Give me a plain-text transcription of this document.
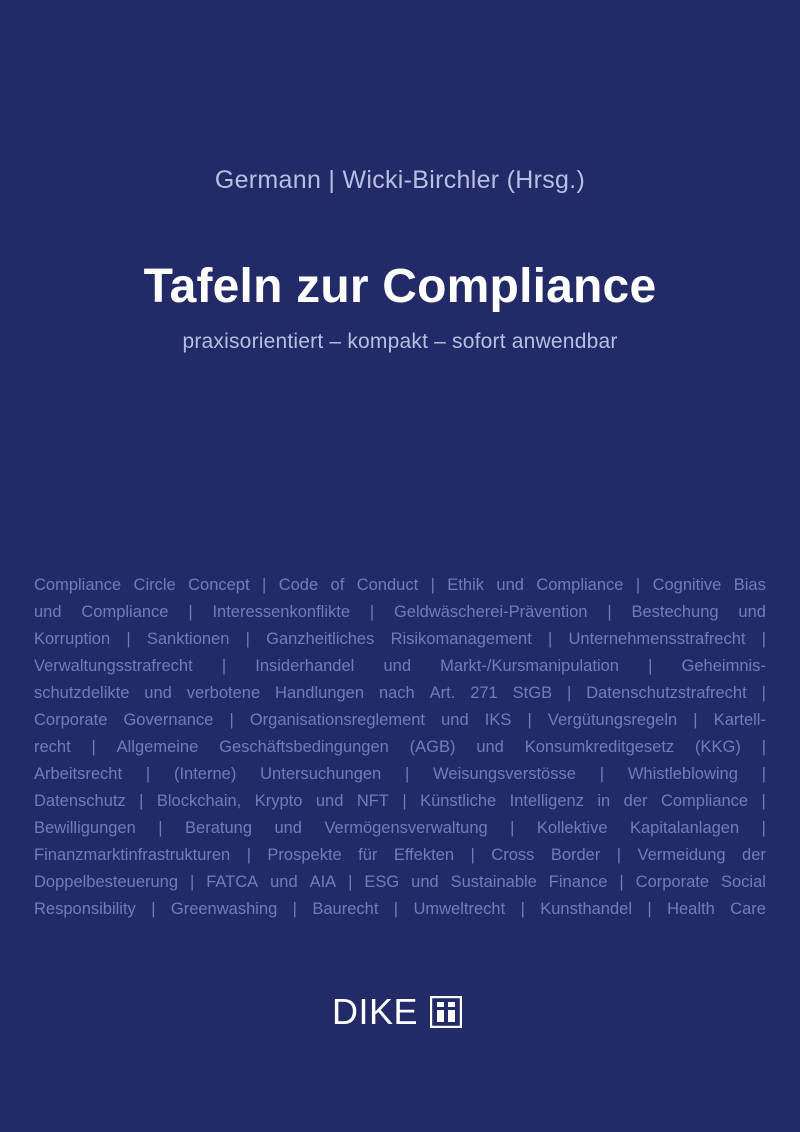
Germann | Wicki-Birchler (Hrsg.)
Tafeln zur Compliance
praxisorientiert – kompakt – sofort anwendbar
Compliance Circle Concept | Code of Conduct | Ethik und Compliance | Cognitive Bias
und Compliance | Interessenkonflikte | Geldwäscherei-Prävention | Bestechung und
Korruption | Sanktionen | Ganzheitliches Risikomanagement | Unternehmensstrafrecht |
Verwaltungsstrafrecht | Insiderhandel und Markt-/Kursmanipulation | Geheimnis-
schutzdelikte und verbotene Handlungen nach Art. 271 StGB | Datenschutzstrafrecht |
Corporate Governance | Organisationsreglement und IKS | Vergütungsregeln | Kartell-
recht | Allgemeine Geschäftsbedingungen (AGB) und Konsumkreditgesetz (KKG) |
Arbeitsrecht | (Interne) Untersuchungen | Weisungsverstösse | Whistleblowing |
Datenschutz | Blockchain, Krypto und NFT | Künstliche Intelligenz in der Compliance |
Bewilligungen | Beratung und Vermögensverwaltung | Kollektive Kapitalanlagen |
Finanzmarktinfrastrukturen | Prospekte für Effekten | Cross Border | Vermeidung der
Doppelbesteuerung | FATCA und AIA | ESG und Sustainable Finance | Corporate Social
Responsibility | Greenwashing | Baurecht | Umweltrecht | Kunsthandel | Health Care
DIKE
